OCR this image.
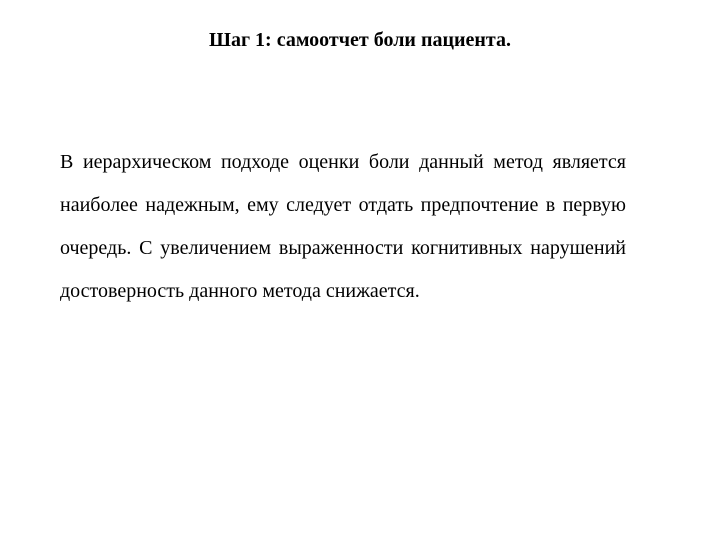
Шаг 1: самоотчет боли пациента.

В иерархическом подходе оценки боли данный метод является наиболее надежным, ему следует отдать предпочтение в первую очередь. С увеличением выраженности когнитивных нарушений достоверность данного метода снижается.
